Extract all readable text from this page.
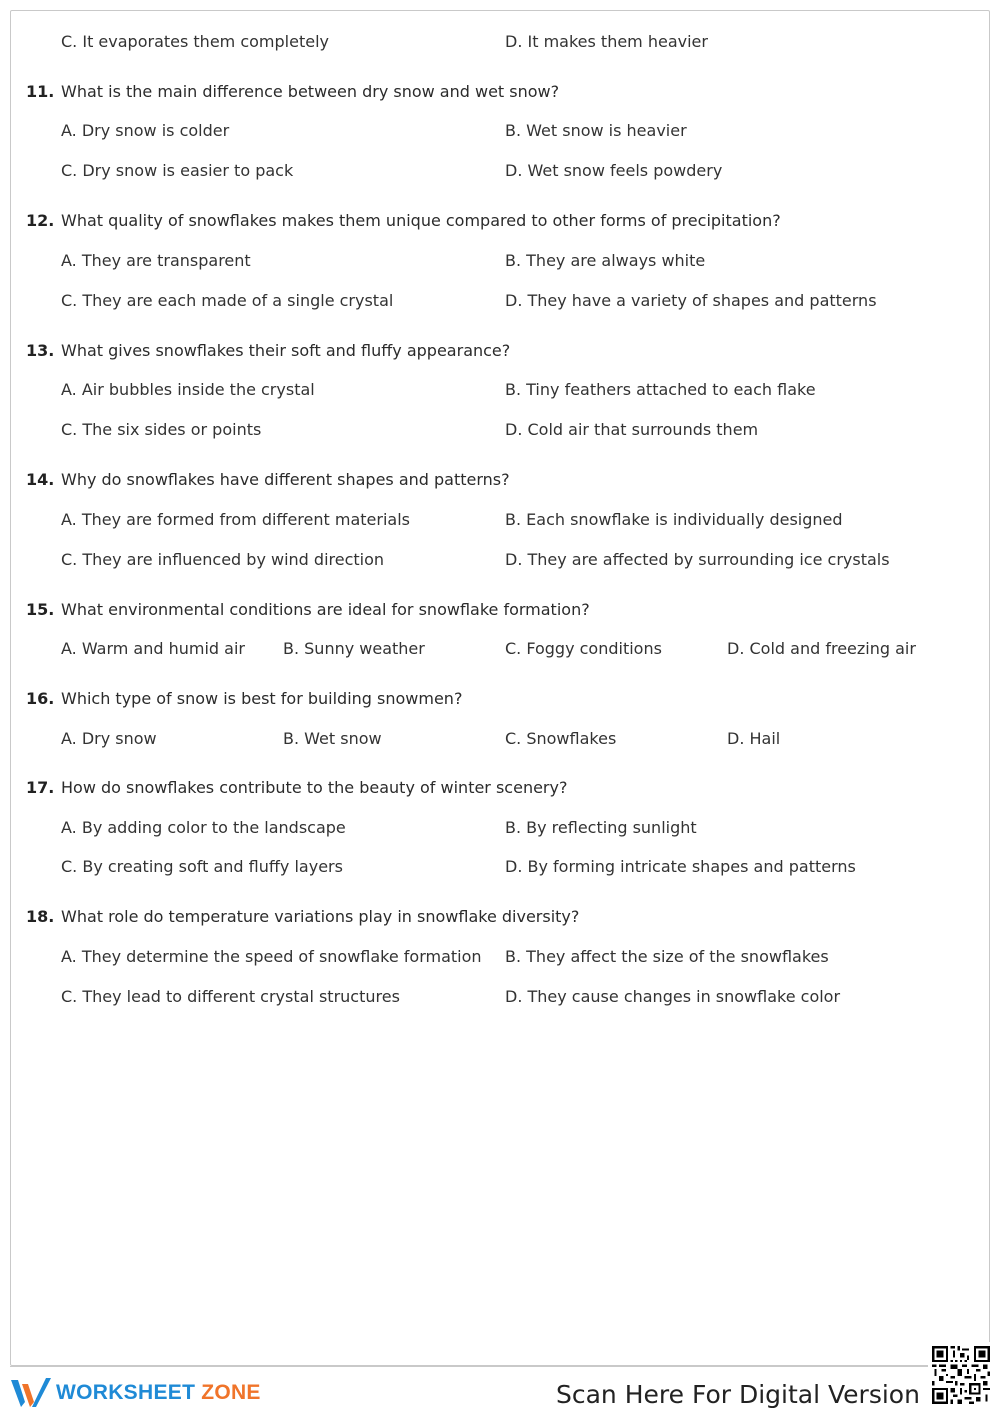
C. It evaporates them completely	D. It makes them heavier
11. What is the main difference between dry snow and wet snow?
A. Dry snow is colder	B. Wet snow is heavier
C. Dry snow is easier to pack	D. Wet snow feels powdery
12. What quality of snowflakes makes them unique compared to other forms of precipitation?
A. They are transparent	B. They are always white
C. They are each made of a single crystal	D. They have a variety of shapes and patterns
13. What gives snowflakes their soft and fluffy appearance?
A. Air bubbles inside the crystal	B. Tiny feathers attached to each flake
C. The six sides or points	D. Cold air that surrounds them
14. Why do snowflakes have different shapes and patterns?
A. They are formed from different materials	B. Each snowflake is individually designed
C. They are influenced by wind direction	D. They are affected by surrounding ice crystals
15. What environmental conditions are ideal for snowflake formation?
A. Warm and humid air B. Sunny weather	C. Foggy conditions	D. Cold and freezing air
16. Which type of snow is best for building snowmen?
A. Dry snow	B. Wet snow	C. Snowflakes	D. Hail
17. How do snowflakes contribute to the beauty of winter scenery?
A. By adding color to the landscape	B. By reflecting sunlight
C. By creating soft and fluffy layers	D. By forming intricate shapes and patterns
18. What role do temperature variations play in snowflake diversity?
A. They determine the speed of snowflake formation B. They affect the size of the snowflakes
C. They lead to different crystal structures	D. They cause changes in snowflake color
WORKSHEET ZONE	Scan Here For Digital Version
